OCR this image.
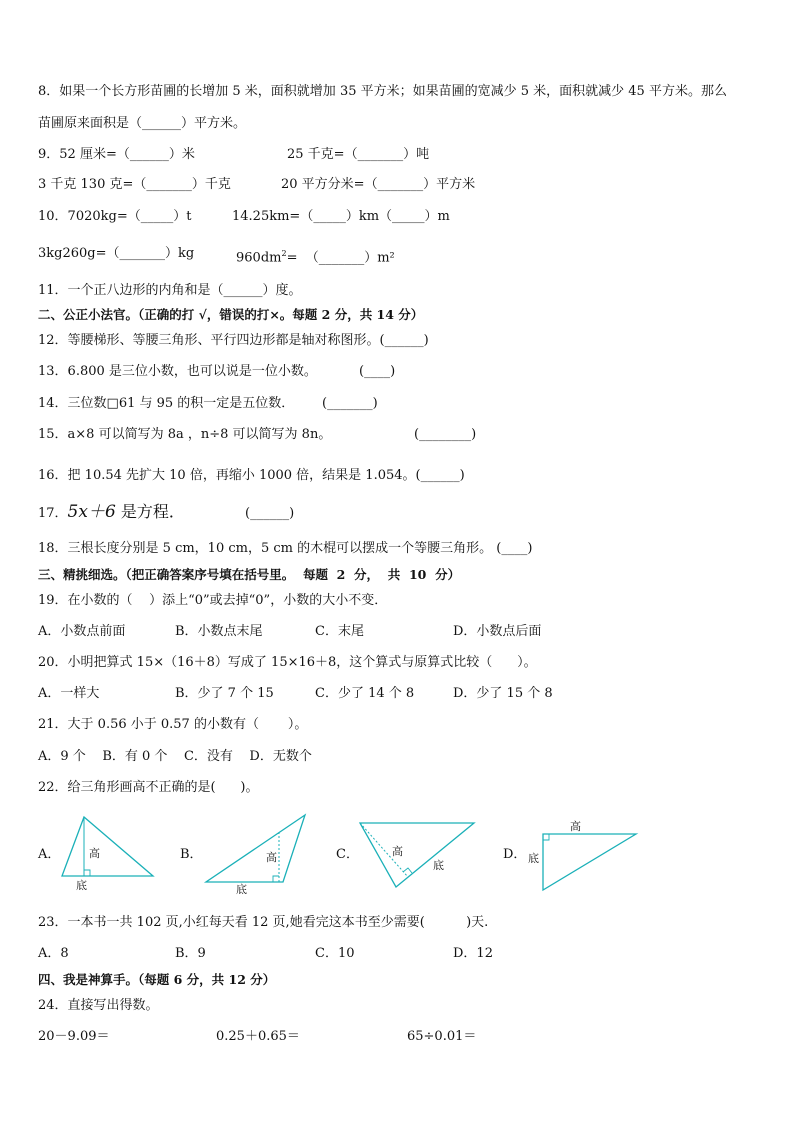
8．如果一个长方形苗圃的长增加 5 米，面积就增加 35 平方米；如果苗圃的宽减少 5 米，面积就减少 45 平方米。那么
苗圃原来面积是（______）平方米。
9．52 厘米=（______）米	25 千克=（_______）吨
3 千克 130 克=（_______）千克	20 平方分米=（_______）平方米
10．7020kg=（_____）t	14.25km=（_____）km（_____）m
3kg260g=（_______）kg	$960dm^2=$  （_______）m²
11．一个正八边形的内角和是（______）度。
二、公正小法官。（正确的打 √，错误的打×。每题 2 分，共 14 分）
12．等腰梯形、等腰三角形、平行四边形都是轴对称图形。(______)
13．6.800 是三位小数，也可以说是一位小数。	(____)
14．三位数□61 与 95 的积一定是五位数． (_______)
15．a×8 可以简写为 8a ，n÷8 可以简写为 8n。	(________)
16．把 10.54 先扩大 10 倍，再缩小 1000 倍，结果是 1.054。(______)
17．5x＋6 是方程．	(______)
18．三根长度分别是 5 cm，10 cm，5 cm 的木棍可以摆成一个等腰三角形。 (____)
三、精挑细选。（把正确答案序号填在括号里。  每题  2  分，  共  10  分）
19．在小数的（    ）添上“0”或去掉“0”，小数的大小不变．
A．小数点前面	B．小数点末尾	C．末尾	D．小数点后面
20．小明把算式 15×（16＋8）写成了 15×16＋8，这个算式与原算式比较（      ）。
A．一样大	B．少了 7 个 15	C．少了 14 个 8	D．少了 15 个 8
21．大于 0.56 小于 0.57 的小数有（       ）。
A．9 个    B．有 0 个    C．没有    D．无数个
22．给三角形画高不正确的是(      )。
A．	B．	C．	D．
高
底
高
底
高
底
高
底
23．一本书一共 102 页,小红每天看 12 页,她看完这本书至少需要(          )天.
A．8	B．9	C．10	D．12
四、我是神算手。（每题 6 分，共 12 分）
24．直接写出得数。
20－9.09＝	0.25＋0.65＝	65÷0.01＝
